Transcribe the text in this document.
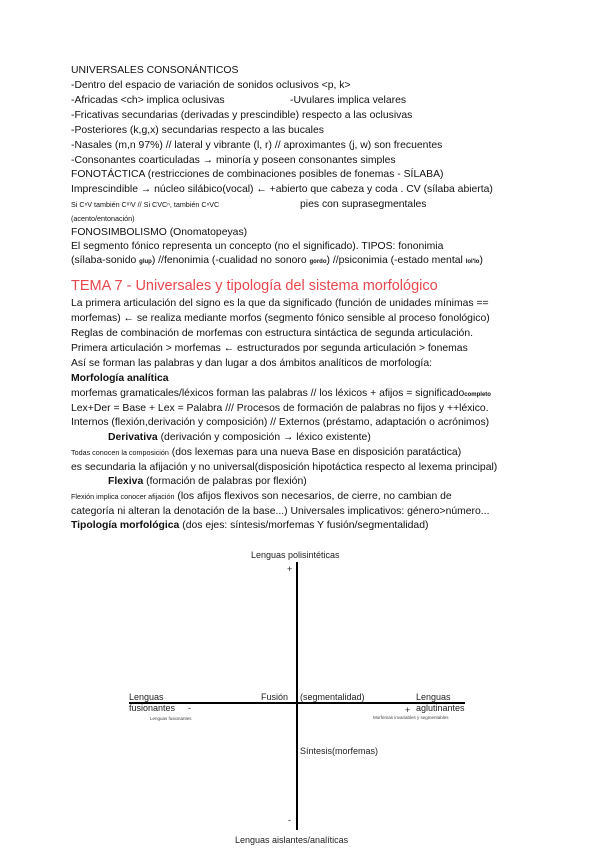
UNIVERSALES CONSONÁNTICOS
-Dentro del espacio de variación de sonidos oclusivos <p, k>
-Africadas <ch> implica oclusivas	-Uvulares implica velares
-Fricativas secundarias (derivadas y prescindible) respecto a las oclusivas
-Posteriores (k,g,x) secundarias respecto a las bucales
-Nasales (m,n 97%) // lateral y vibrante (l, r) // aproximantes (j, w) son frecuentes
-Consonantes coarticuladas → minoría y poseen consonantes simples
FONOTÁCTICA (restricciones de combinaciones posibles de fonemas - SÍLABA)
Imprescindible → núcleo silábico(vocal) ← +abierto que cabeza y coda . CV (sílaba abierta)
Si CⁿV también CᵐV // Si CVCⁿ, también CⁿVC	pies con suprasegmentales
(acento/entonación)
FONOSIMBOLISMO (Onomatopeyas)
El segmento fónico representa un concepto (no el significado). TIPOS: fononimia
(sílaba-sonido glup) //fenonimia (-cualidad no sonoro gordo) //psiconimia (-estado mental lol'lo)
TEMA 7 - Universales y tipología del sistema morfológico
La primera articulación del signo es la que da significado (función de unidades mínimas ==
morfemas) ← se realiza mediante morfos (segmento fónico sensible al proceso fonológico)
Reglas de combinación de morfemas con estructura sintáctica de segunda articulación.
Primera articulación > morfemas ← estructurados por segunda articulación > fonemas
Así se forman las palabras y dan lugar a dos ámbitos analíticos de morfología:
Morfología analítica
morfemas gramaticales/léxicos forman las palabras // los léxicos + afijos = significadocompleto
Lex+Der = Base + Lex = Palabra /// Procesos de formación de palabras no fijos y ++léxico.
Internos (flexión,derivación y composición) // Externos (préstamo, adaptación o acrónimos)
Derivativa (derivación y composición → léxico existente)
Todas conocen la composición (dos lexemas para una nueva Base en disposición paratáctica)
es secundaria la afijación y no universal(disposición hipotáctica respecto al lexema principal)
Flexiva (formación de palabras por flexión)
Flexión implica conocer afijación (los afijos flexivos son necesarios, de cierre, no cambian de
categoría ni alteran la denotación de la base...) Universales implicativos: género>número...
Tipología morfológica (dos ejes: síntesis/morfemas Y fusión/segmentalidad)
Lenguas polisintéticas
+
Lenguas
fusionantes -
Lenguas fusionantes
Fusión (segmentalidad)	Lenguas
+ aglutinantes
Morfemas invariables y segmentables
Síntesis(morfemas)
-
Lenguas aislantes/analíticas
